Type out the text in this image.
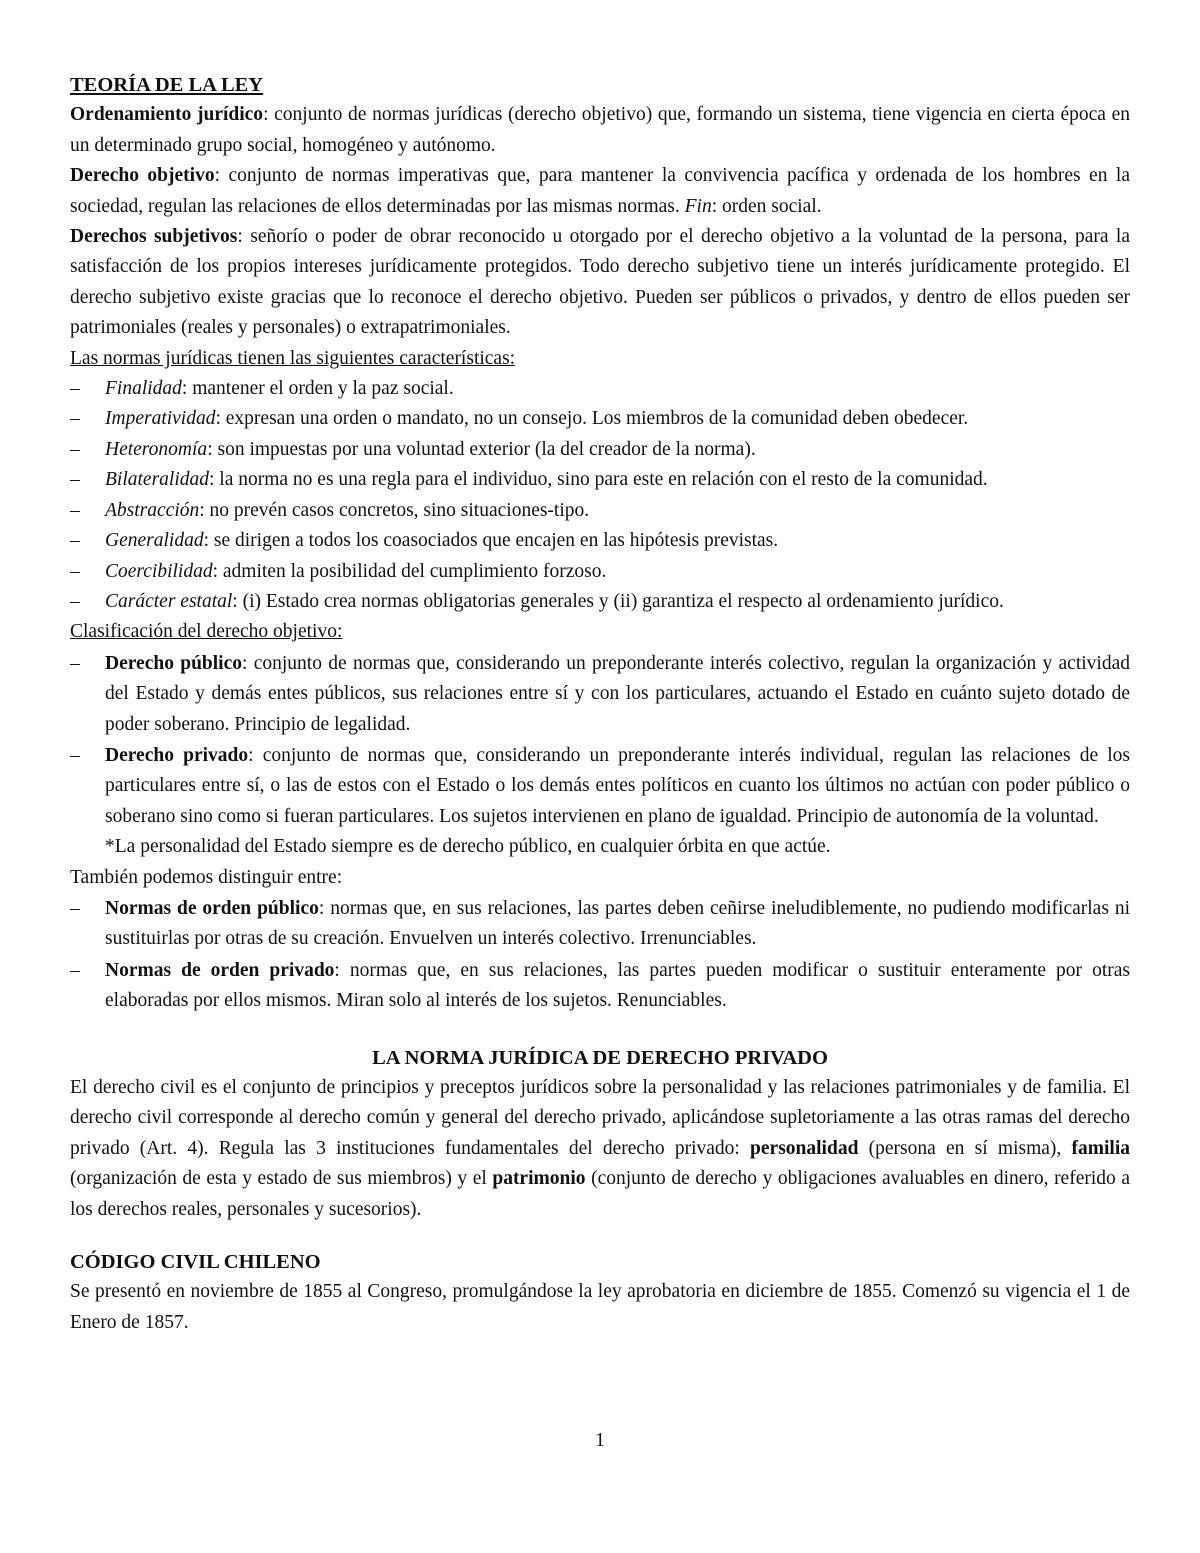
TEORÍA DE LA LEY

Ordenamiento jurídico: conjunto de normas jurídicas (derecho objetivo) que, formando un sistema, tiene vigencia en cierta época en un determinado grupo social, homogéneo y autónomo.

Derecho objetivo: conjunto de normas imperativas que, para mantener la convivencia pacífica y ordenada de los hombres en la sociedad, regulan las relaciones de ellos determinadas por las mismas normas. Fin: orden social.

Derechos subjetivos: señorío o poder de obrar reconocido u otorgado por el derecho objetivo a la voluntad de la persona, para la satisfacción de los propios intereses jurídicamente protegidos. Todo derecho subjetivo tiene un interés jurídicamente protegido. El derecho subjetivo existe gracias que lo reconoce el derecho objetivo. Pueden ser públicos o privados, y dentro de ellos pueden ser patrimoniales (reales y personales) o extrapatrimoniales.

Las normas jurídicas tienen las siguientes características:

– Finalidad: mantener el orden y la paz social.
– Imperatividad: expresan una orden o mandato, no un consejo. Los miembros de la comunidad deben obedecer.
– Heteronomía: son impuestas por una voluntad exterior (la del creador de la norma).
– Bilateralidad: la norma no es una regla para el individuo, sino para este en relación con el resto de la comunidad.
– Abstracción: no prevén casos concretos, sino situaciones-tipo.
– Generalidad: se dirigen a todos los coasociados que encajen en las hipótesis previstas.
– Coercibilidad: admiten la posibilidad del cumplimiento forzoso.
– Carácter estatal: (i) Estado crea normas obligatorias generales y (ii) garantiza el respecto al ordenamiento jurídico.

Clasificación del derecho objetivo:

– Derecho público: conjunto de normas que, considerando un preponderante interés colectivo, regulan la organización y actividad del Estado y demás entes públicos, sus relaciones entre sí y con los particulares, actuando el Estado en cuánto sujeto dotado de poder soberano. Principio de legalidad.
– Derecho privado: conjunto de normas que, considerando un preponderante interés individual, regulan las relaciones de los particulares entre sí, o las de estos con el Estado o los demás entes políticos en cuanto los últimos no actúan con poder público o soberano sino como si fueran particulares. Los sujetos intervienen en plano de igualdad. Principio de autonomía de la voluntad.

*La personalidad del Estado siempre es de derecho público, en cualquier órbita en que actúe.

También podemos distinguir entre:

– Normas de orden público: normas que, en sus relaciones, las partes deben ceñirse ineludiblemente, no pudiendo modificarlas ni sustituirlas por otras de su creación. Envuelven un interés colectivo. Irrenunciables.
– Normas de orden privado: normas que, en sus relaciones, las partes pueden modificar o sustituir enteramente por otras elaboradas por ellos mismos. Miran solo al interés de los sujetos. Renunciables.

LA NORMA JURÍDICA DE DERECHO PRIVADO

El derecho civil es el conjunto de principios y preceptos jurídicos sobre la personalidad y las relaciones patrimoniales y de familia. El derecho civil corresponde al derecho común y general del derecho privado, aplicándose supletoriamente a las otras ramas del derecho privado (Art. 4). Regula las 3 instituciones fundamentales del derecho privado: personalidad (persona en sí misma), familia (organización de esta y estado de sus miembros) y el patrimonio (conjunto de derecho y obligaciones avaluables en dinero, referido a los derechos reales, personales y sucesorios).

CÓDIGO CIVIL CHILENO

Se presentó en noviembre de 1855 al Congreso, promulgándose la ley aprobatoria en diciembre de 1855. Comenzó su vigencia el 1 de Enero de 1857.

1
